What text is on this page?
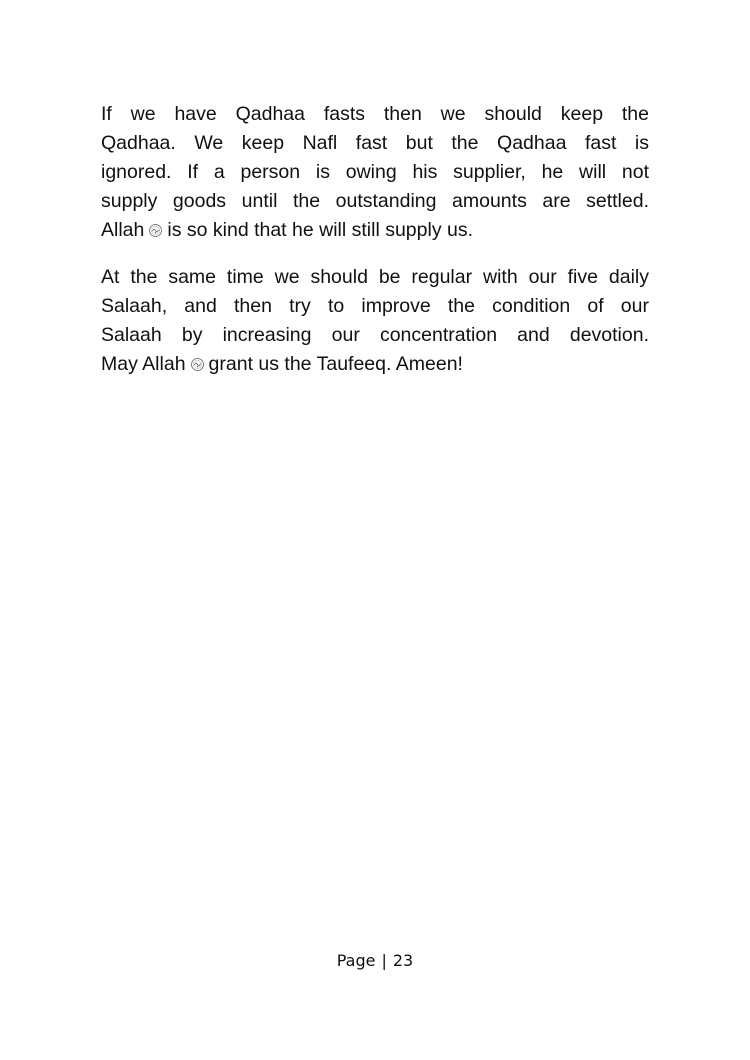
If we have Qadhaa fasts then we should keep the
Qadhaa. We keep Nafl fast but the Qadhaa fast is
ignored. If a person is owing his supplier, he will not
supply goods until the outstanding amounts are settled.
Allah is so kind that he will still supply us.

At the same time we should be regular with our five daily
Salaah, and then try to improve the condition of our
Salaah by increasing our concentration and devotion.
May Allah grant us the Taufeeq. Ameen!

Page | 23
